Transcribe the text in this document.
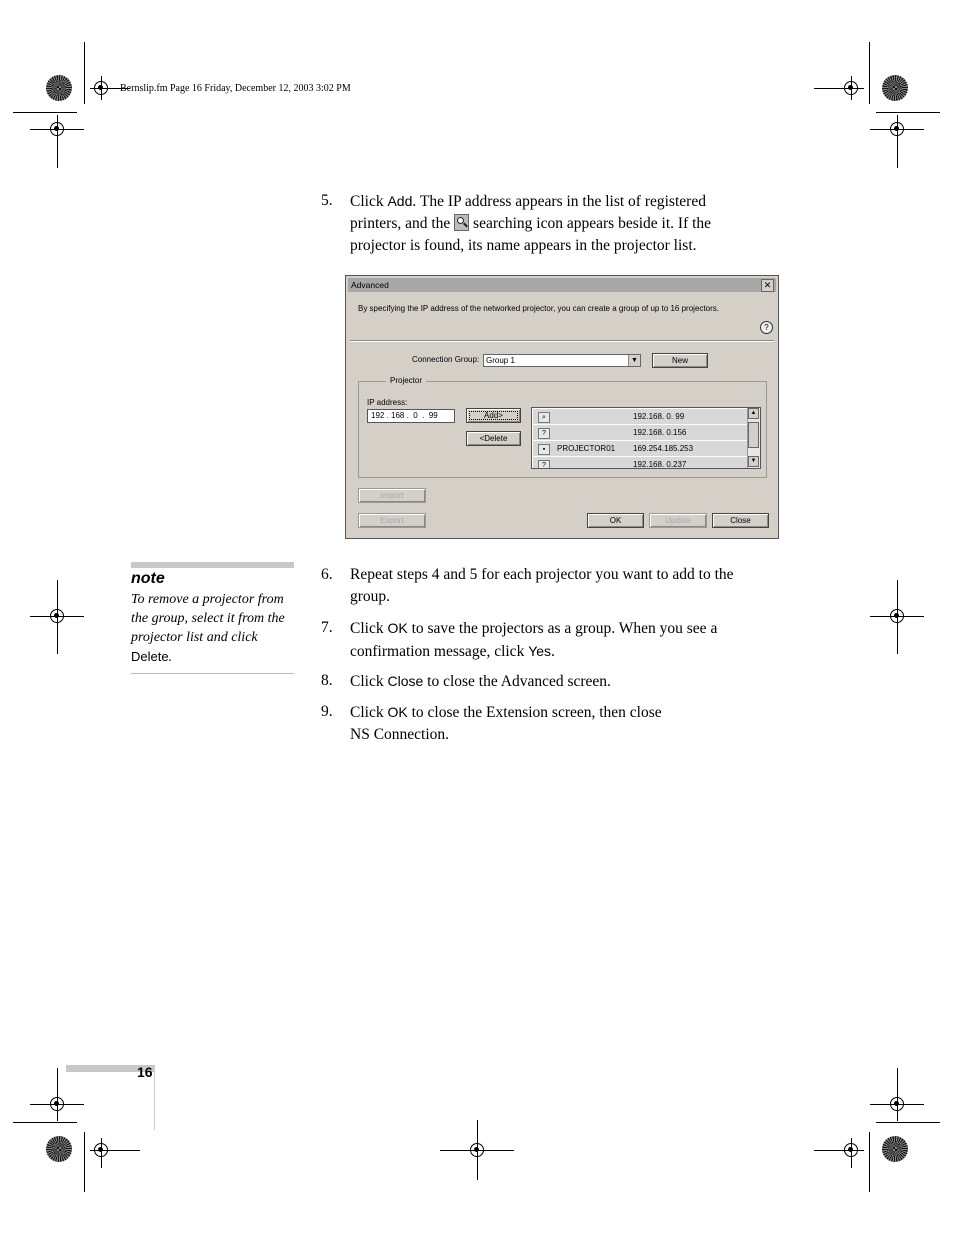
Bernslip.fm Page 16 Friday, December 12, 2003 3:02 PM
5. Click Add. The IP address appears in the list of registered
printers, and the
searching icon appears beside it. If the
projector is found, its name appears in the projector list.
Advanced	✕
By specifying the IP address of the networked projector, you can create a group of up to 16 projectors.
?
Connection Group: Group 1	▼	New
Projector
IP address:
192 . 168 .  0  .  99	Add>
<Delete
⌕	192.168. 0. 99
?	192.168. 0.156
▪	PROJECTOR01 169.254.185.253
?	192.168. 0.237
▲
▼
Import
Export	OK	Update	Close
note
To remove a projector from the group, select it from the projector list and click Delete.
6. Repeat steps 4 and 5 for each projector you want to add to the
group.
7. Click OK to save the projectors as a group. When you see a
confirmation message, click Yes.
8. Click Close to close the Advanced screen.
9. Click OK to close the Extension screen, then close
NS Connection.
16
